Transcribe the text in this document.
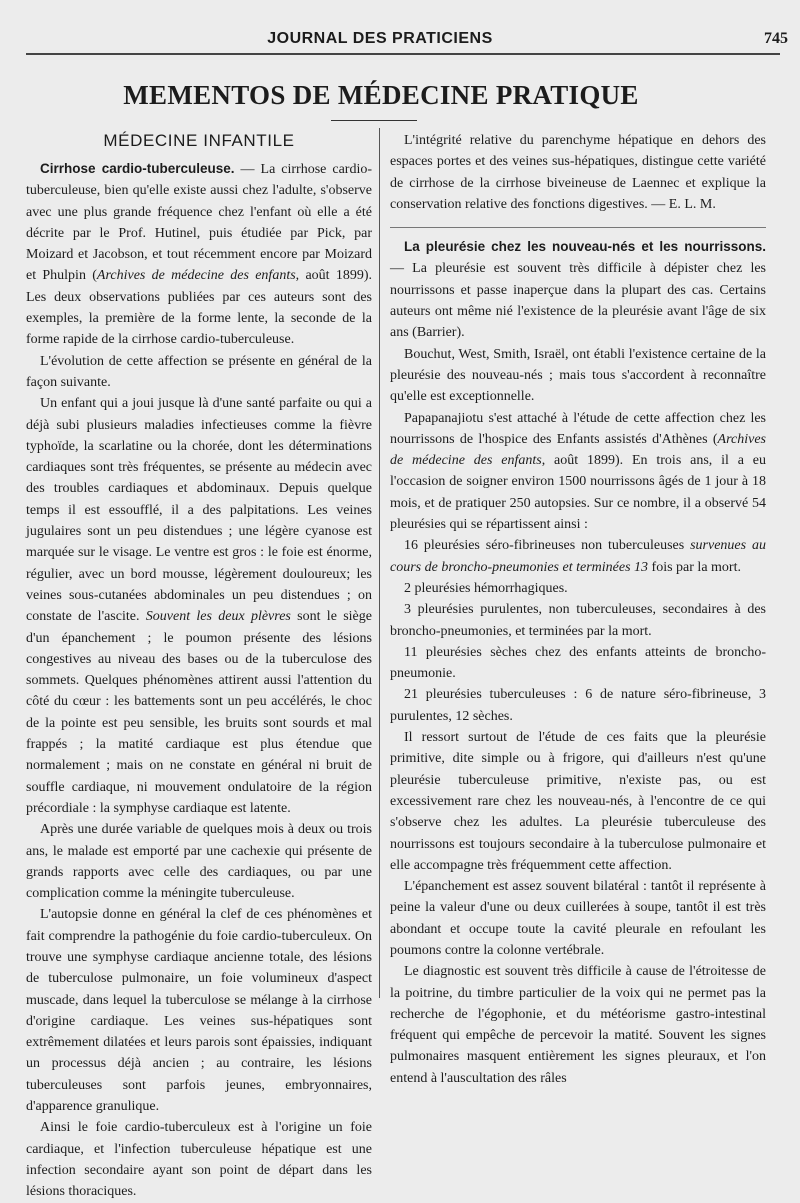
JOURNAL DES PRATICIENS	745
MEMENTOS DE MÉDECINE PRATIQUE
MÉDECINE INFANTILE

Cirrhose cardio-tuberculeuse. — La cirrhose cardio-tuberculeuse, bien qu'elle existe aussi chez l'adulte, s'observe avec une plus grande fréquence chez l'enfant où elle a été décrite par le Prof. Hutinel, puis étudiée par Pick, par Moizard et Jacobson, et tout récemment encore par Moizard et Phulpin (Archives de médecine des enfants, août 1899). Les deux observations publiées par ces auteurs sont des exemples, la première de la forme lente, la seconde de la forme rapide de la cirrhose cardio-tuberculeuse.

L'évolution de cette affection se présente en général de la façon suivante.

Un enfant qui a joui jusque là d'une santé parfaite ou qui a déjà subi plusieurs maladies infectieuses comme la fièvre typhoïde, la scarlatine ou la chorée, dont les déterminations cardiaques sont très fréquentes, se présente au médecin avec des troubles cardiaques et abdominaux. Depuis quelque temps il est essoufflé, il a des palpitations. Les veines jugulaires sont un peu distendues ; une légère cyanose est marquée sur le visage. Le ventre est gros : le foie est énorme, régulier, avec un bord mousse, légèrement douloureux; les veines sous-cutanées abdominales un peu distendues ; on constate de l'ascite. Souvent les deux plèvres sont le siège d'un épanchement ; le poumon présente des lésions congestives au niveau des bases ou de la tuberculose des sommets. Quelques phénomènes attirent aussi l'attention du côté du cœur : les battements sont un peu accélérés, le choc de la pointe est peu sensible, les bruits sont sourds et mal frappés ; la matité cardiaque est plus étendue que normalement ; mais on ne constate en général ni bruit de souffle cardiaque, ni mouvement ondulatoire de la région précordiale : la symphyse cardiaque est latente.

Après une durée variable de quelques mois à deux ou trois ans, le malade est emporté par une cachexie qui présente de grands rapports avec celle des cardiaques, ou par une complication comme la méningite tuberculeuse.

L'autopsie donne en général la clef de ces phénomènes et fait comprendre la pathogénie du foie cardio-tuberculeux. On trouve une symphyse cardiaque ancienne totale, des lésions de tuberculose pulmonaire, un foie volumineux d'aspect muscade, dans lequel la tuberculose se mélange à la cirrhose d'origine cardiaque. Les veines sus-hépatiques sont extrêmement dilatées et leurs parois sont épaissies, indiquant un processus déjà ancien ; au contraire, les lésions tuberculeuses sont parfois jeunes, embryonnaires, d'apparence granulique.

Ainsi le foie cardio-tuberculeux est à l'origine un foie cardiaque, et l'infection tuberculeuse hépatique est une infection secondaire ayant son point de départ dans les lésions thoraciques.

L'intégrité relative du parenchyme hépatique en dehors des espaces portes et des veines sus-hépatiques, distingue cette variété de cirrhose de la cirrhose biveineuse de Laennec et explique la conservation relative des fonctions digestives. — E. L. M.

La pleurésie chez les nouveau-nés et les nourrissons. — La pleurésie est souvent très difficile à dépister chez les nourrissons et passe inaperçue dans la plupart des cas. Certains auteurs ont même nié l'existence de la pleurésie avant l'âge de six ans (Barrier).

Bouchut, West, Smith, Israël, ont établi l'existence certaine de la pleurésie des nouveau-nés ; mais tous s'accordent à reconnaître qu'elle est exceptionnelle.

Papapanajiotu s'est attaché à l'étude de cette affection chez les nourrissons de l'hospice des Enfants assistés d'Athènes (Archives de médecine des enfants, août 1899). En trois ans, il a eu l'occasion de soigner environ 1500 nourrissons âgés de 1 jour à 18 mois, et de pratiquer 250 autopsies. Sur ce nombre, il a observé 54 pleurésies qui se répartissent ainsi :

16 pleurésies séro-fibrineuses non tuberculeuses survenues au cours de broncho-pneumonies et terminées 13 fois par la mort.

2 pleurésies hémorrhagiques.

3 pleurésies purulentes, non tuberculeuses, secondaires à des broncho-pneumonies, et terminées par la mort.

11 pleurésies sèches chez des enfants atteints de broncho-pneumonie.

21 pleurésies tuberculeuses : 6 de nature séro-fibrineuse, 3 purulentes, 12 sèches.

Il ressort surtout de l'étude de ces faits que la pleurésie primitive, dite simple ou à frigore, qui d'ailleurs n'est qu'une pleurésie tuberculeuse primitive, n'existe pas, ou est excessivement rare chez les nouveau-nés, à l'encontre de ce qui s'observe chez les adultes. La pleurésie tuberculeuse des nourrissons est toujours secondaire à la tuberculose pulmonaire et elle accompagne très fréquemment cette affection.

L'épanchement est assez souvent bilatéral : tantôt il représente à peine la valeur d'une ou deux cuillerées à soupe, tantôt il est très abondant et occupe toute la cavité pleurale en refoulant les poumons contre la colonne vertébrale.

Le diagnostic est souvent très difficile à cause de l'étroitesse de la poitrine, du timbre particulier de la voix qui ne permet pas la recherche de l'égophonie, et du météorisme gastro-intestinal fréquent qui empêche de percevoir la matité. Souvent les signes pulmonaires masquent entièrement les signes pleuraux, et l'on entend à l'auscultation des râles
